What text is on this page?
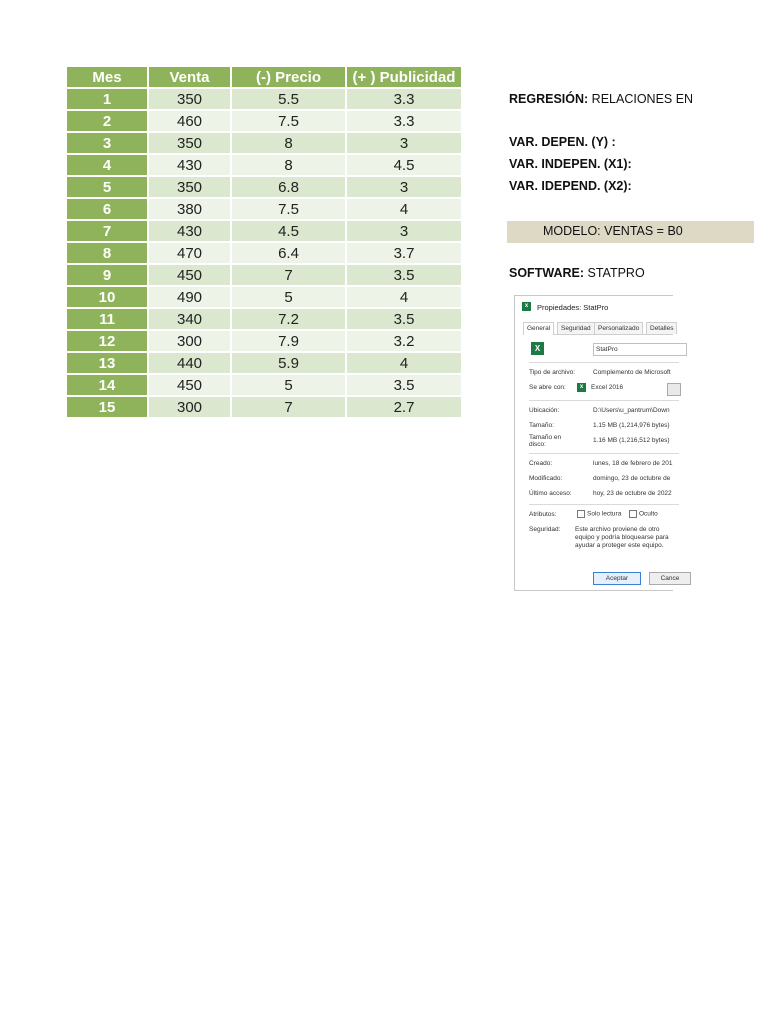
Mes	Venta	(-) Precio	(+ ) Publicidad
1	350	5.5	3.3
2	460	7.5	3.3
3	350	8	3
4	430	8	4.5
5	350	6.8	3
6	380	7.5	4
7	430	4.5	3
8	470	6.4	3.7
9	450	7	3.5
10	490	5	4
11	340	7.2	3.5
12	300	7.9	3.2
13	440	5.9	4
14	450	5	3.5
15	300	7	2.7
REGRESIÓN: RELACIONES EN
VAR. DEPEN. (Y) :
VAR. INDEPEN. (X1):
VAR. IDEPEND. (X2):
MODELO: VENTAS = B0
SOFTWARE: STATPRO
x	Propiedades: StatPro
General	Seguridad	Personalizado	Detalles
X	StatPro
Tipo de archivo:	Complemento de Microsoft
Se abre con:	x	Excel 2016
Ubicación:	D:\Users\u_pantrum\Down
Tamaño:	1.15 MB (1,214,976 bytes)
Tamaño en disco:
1.16 MB (1,216,512 bytes)
Creado:	lunes, 18 de febrero de 201
Modificado:	domingo, 23 de octubre de
Último acceso:	hoy, 23 de octubre de 2022
Atributos:	Solo lectura	Oculto
Seguridad: Este archivo proviene de otro equipo y podría bloquearse para ayudar a proteger este equipo.
Aceptar	Cance
